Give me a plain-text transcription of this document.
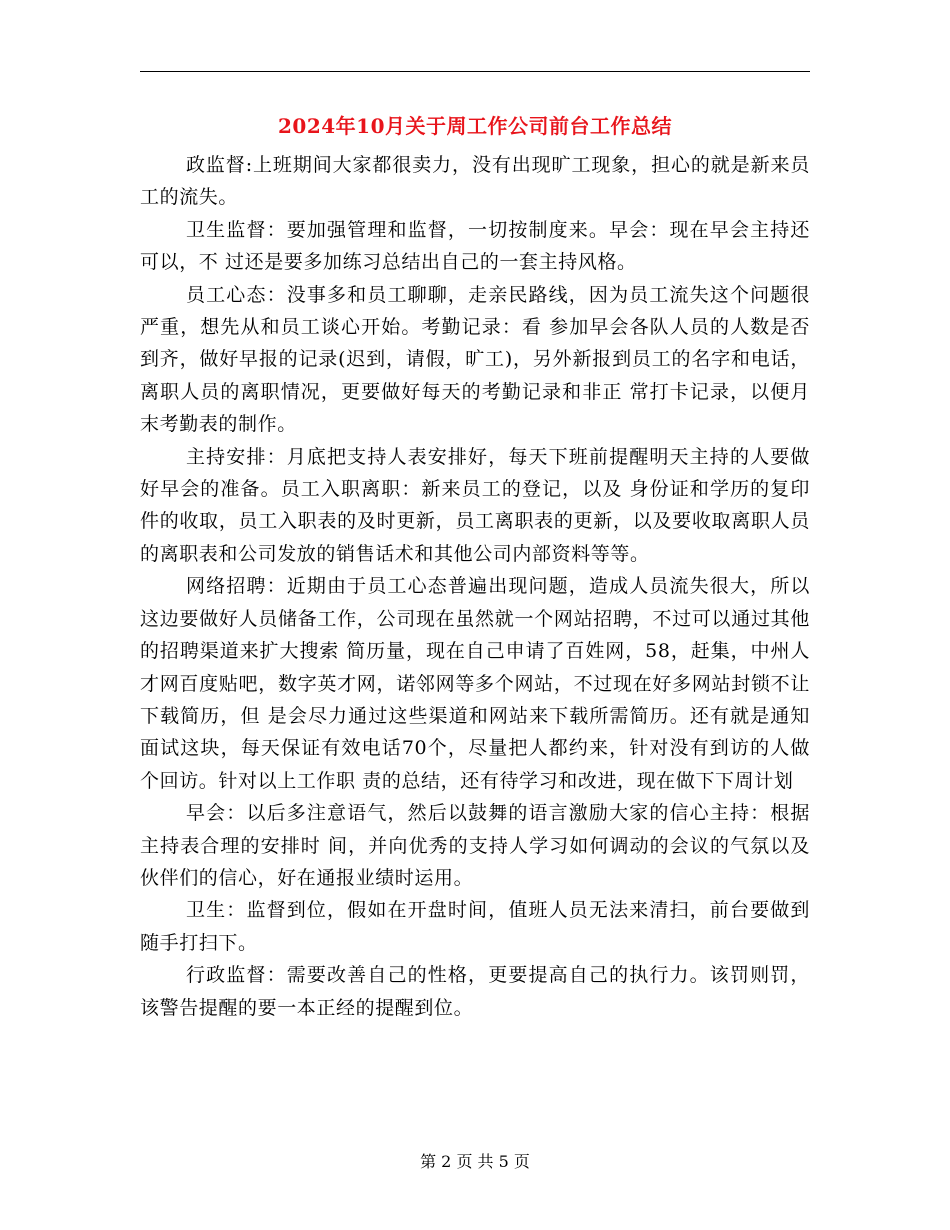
2024年10月关于周工作公司前台工作总结

政监督:上班期间大家都很卖力，没有出现旷工现象，担心的就是新来员工的流失。

卫生监督：要加强管理和监督，一切按制度来。早会：现在早会主持还可以，不 过还是要多加练习总结出自己的一套主持风格。

员工心态：没事多和员工聊聊，走亲民路线，因为员工流失这个问题很严重，想先从和员工谈心开始。考勤记录：看 参加早会各队人员的人数是否到齐，做好早报的记录(迟到，请假，旷工)，另外新报到员工的名字和电话，离职人员的离职情况，更要做好每天的考勤记录和非正 常打卡记录，以便月末考勤表的制作。

主持安排：月底把支持人表安排好，每天下班前提醒明天主持的人要做好早会的准备。员工入职离职：新来员工的登记，以及 身份证和学历的复印件的收取，员工入职表的及时更新，员工离职表的更新，以及要收取离职人员的离职表和公司发放的销售话术和其他公司内部资料等等。

网络招聘：近期由于员工心态普遍出现问题，造成人员流失很大，所以这边要做好人员储备工作，公司现在虽然就一个网站招聘，不过可以通过其他的招聘渠道来扩大搜索 简历量，现在自己申请了百姓网，58，赶集，中州人才网百度贴吧，数字英才网，诺邻网等多个网站，不过现在好多网站封锁不让下载简历，但 是会尽力通过这些渠道和网站来下载所需简历。还有就是通知面试这块，每天保证有效电话70个，尽量把人都约来，针对没有到访的人做个回访。针对以上工作职 责的总结，还有待学习和改进，现在做下下周计划

早会：以后多注意语气，然后以鼓舞的语言激励大家的信心主持：根据主持表合理的安排时 间，并向优秀的支持人学习如何调动的会议的气氛以及伙伴们的信心，好在通报业绩时运用。

卫生：监督到位，假如在开盘时间，值班人员无法来清扫，前台要做到 随手打扫下。

行政监督：需要改善自己的性格，更要提高自己的执行力。该罚则罚，该警告提醒的要一本正经的提醒到位。

第 2 页 共 5 页
